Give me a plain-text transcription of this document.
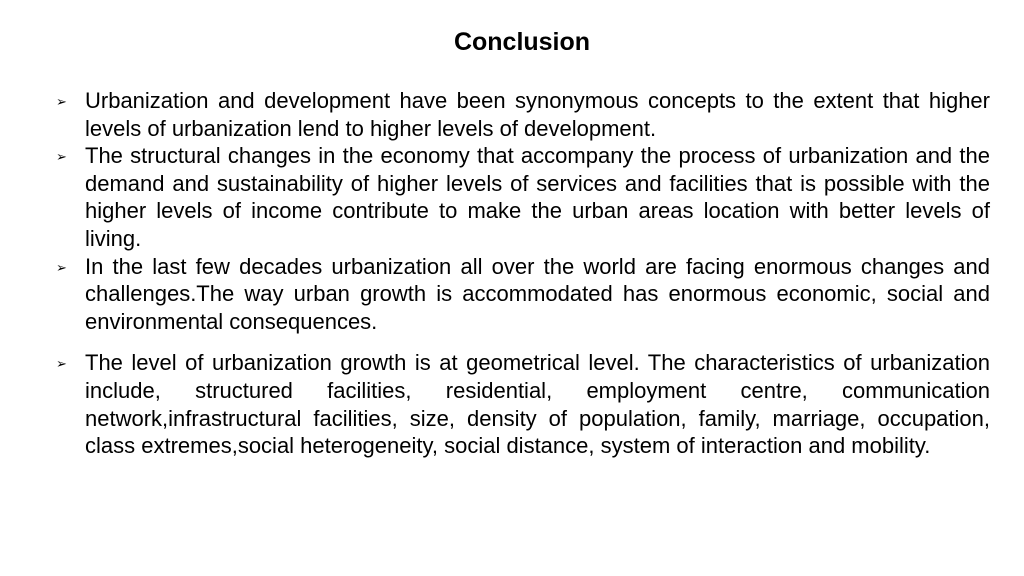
Conclusion
➢ Urbanization and development have been synonymous concepts to the extent that higher levels of urbanization lend to higher levels of development.
➢ The structural changes in the economy that accompany the process of urbanization and the demand and sustainability of higher levels of services and facilities that is possible with the higher levels of income contribute to make the urban areas location with better levels of living.
➢ In the last few decades urbanization all over the world are facing enormous changes and challenges.The way urban growth is accommodated has enormous economic, social and environmental consequences.
➢ The level of urbanization growth is at geometrical level. The characteristics of urbanization include, structured facilities, residential, employment centre, communication network,infrastructural facilities, size, density of population, family, marriage, occupation, class extremes,social heterogeneity, social distance, system of interaction and mobility.
